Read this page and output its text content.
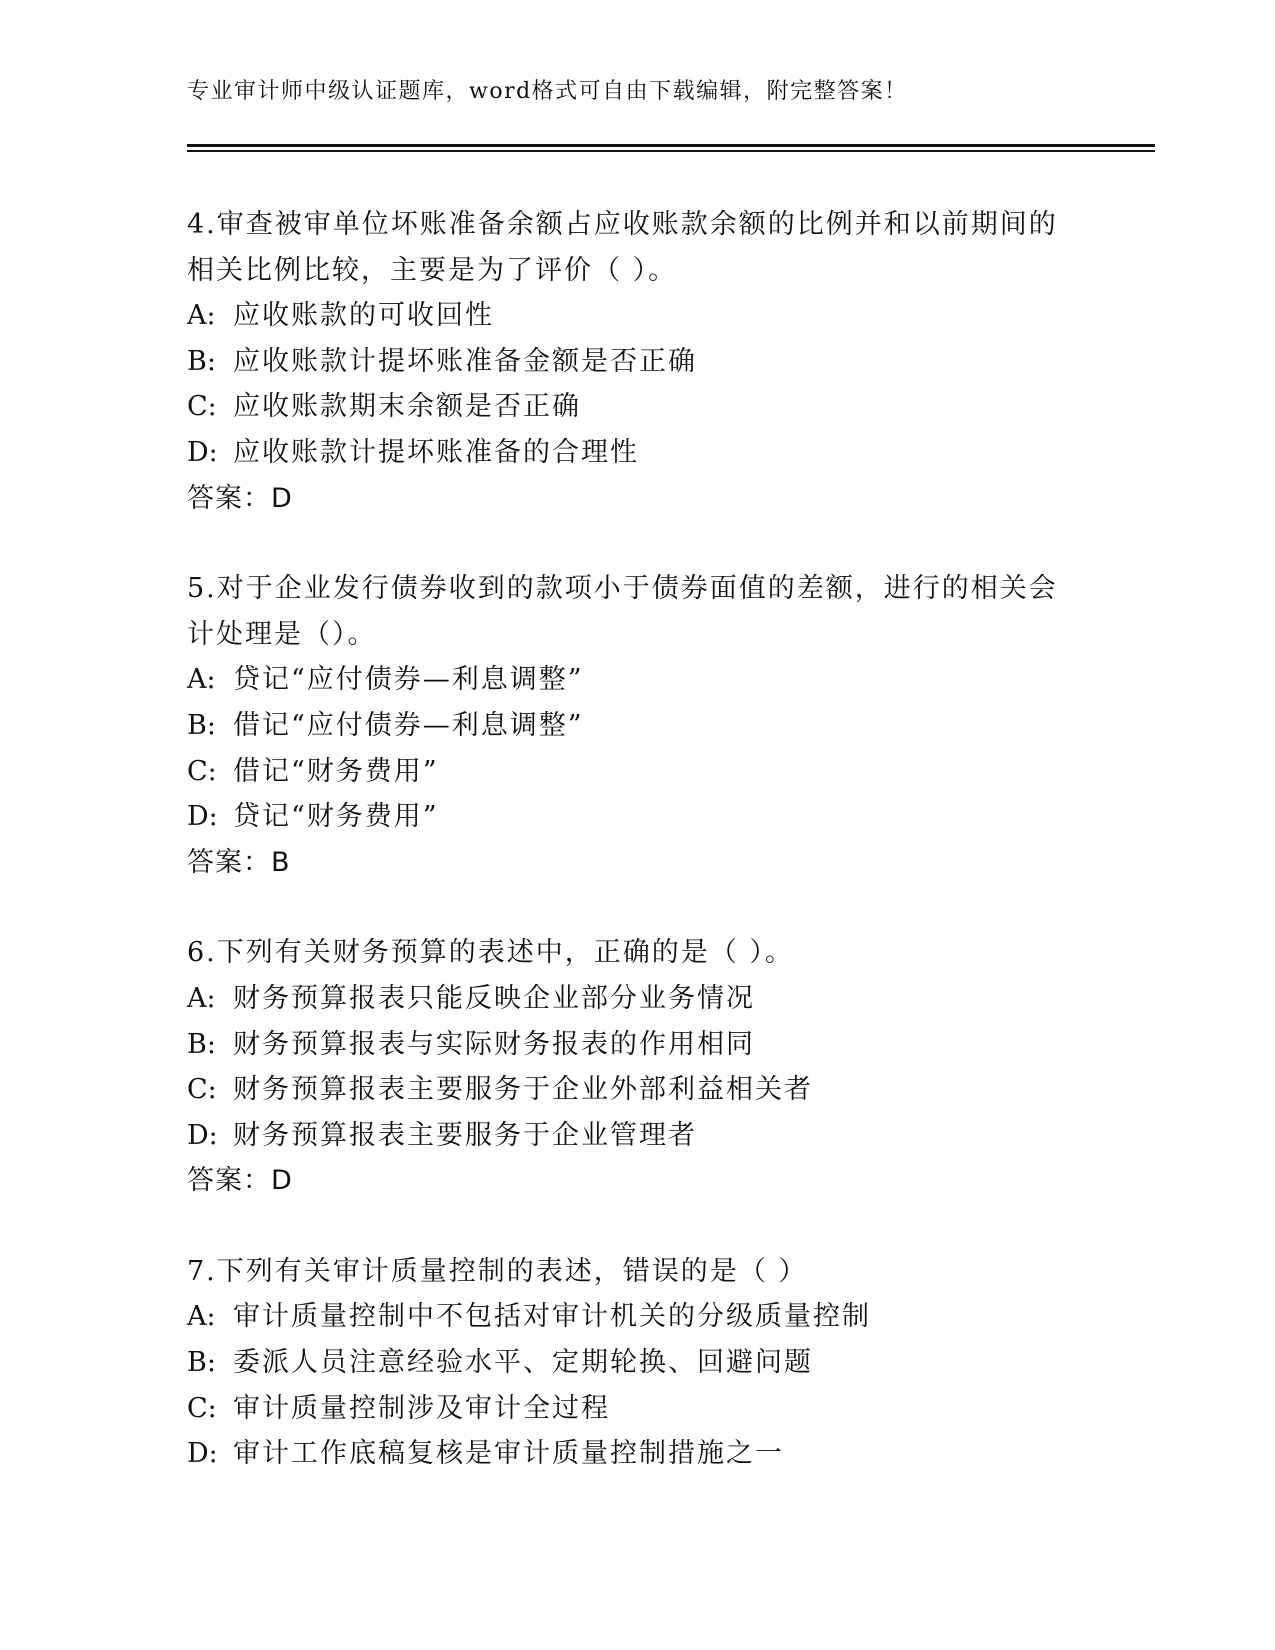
专业审计师中级认证题库，word格式可自由下载编辑，附完整答案！
4.审查被审单位坏账准备余额占应收账款余额的比例并和以前期间的
相关比例比较，主要是为了评价（ ）。
A: 应收账款的可收回性
B: 应收账款计提坏账准备金额是否正确
C: 应收账款期末余额是否正确
D: 应收账款计提坏账准备的合理性
答案：D
5.对于企业发行债券收到的款项小于债券面值的差额，进行的相关会
计处理是（）。
A: 贷记“应付债券—利息调整”
B: 借记“应付债券—利息调整”
C: 借记“财务费用”
D: 贷记“财务费用”
答案：B
6.下列有关财务预算的表述中，正确的是（ ）。
A: 财务预算报表只能反映企业部分业务情况
B: 财务预算报表与实际财务报表的作用相同
C: 财务预算报表主要服务于企业外部利益相关者
D: 财务预算报表主要服务于企业管理者
答案：D
7.下列有关审计质量控制的表述，错误的是（ ）
A: 审计质量控制中不包括对审计机关的分级质量控制
B: 委派人员注意经验水平、定期轮换、回避问题
C: 审计质量控制涉及审计全过程
D: 审计工作底稿复核是审计质量控制措施之一
